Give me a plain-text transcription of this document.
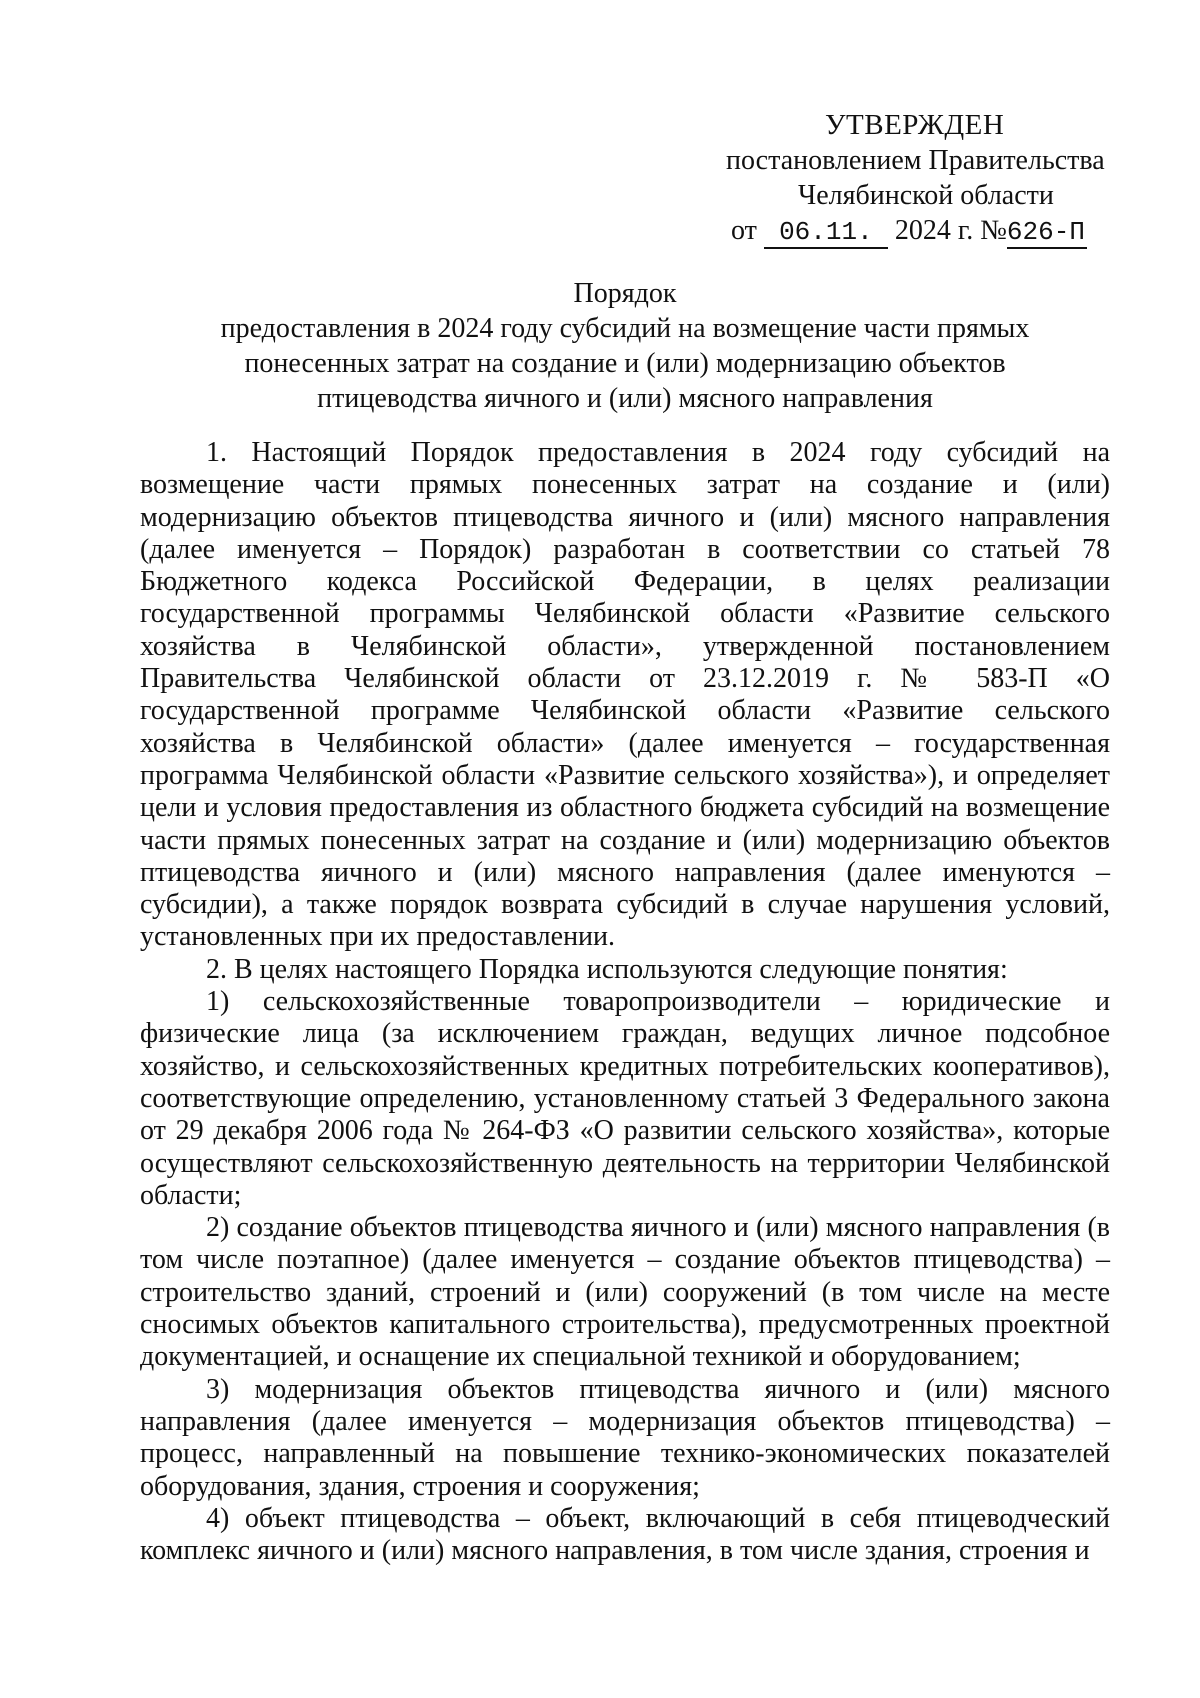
УТВЕРЖДЕН
постановлением Правительства
Челябинской области
от 06.11. 2024 г. №626-П
Порядок
предоставления в 2024 году субсидий на возмещение части прямых
понесенных затрат на создание и (или) модернизацию объектов
птицеводства яичного и (или) мясного направления

1. Настоящий Порядок предоставления в 2024 году субсидий на возмещение части прямых понесенных затрат на создание и (или) модернизацию объектов птицеводства яичного и (или) мясного направления (далее именуется – Порядок) разработан в соответствии со статьей 78 Бюджетного кодекса Российской Федерации, в целях реализации государственной программы Челябинской области «Развитие сельского хозяйства в Челябинской области», утвержденной постановлением Правительства Челябинской области от 23.12.2019 г. № 583-П «О государственной программе Челябинской области «Развитие сельского хозяйства в Челябинской области» (далее именуется – государственная программа Челябинской области «Развитие сельского хозяйства»), и определяет цели и условия предоставления из областного бюджета субсидий на возмещение части прямых понесенных затрат на создание и (или) модернизацию объектов птицеводства яичного и (или) мясного направления (далее именуются – субсидии), а также порядок возврата субсидий в случае нарушения условий, установленных при их предоставлении.

2. В целях настоящего Порядка используются следующие понятия:

1) сельскохозяйственные товаропроизводители – юридические и физические лица (за исключением граждан, ведущих личное подсобное хозяйство, и сельскохозяйственных кредитных потребительских кооперативов), соответствующие определению, установленному статьей 3 Федерального закона от 29 декабря 2006 года № 264-ФЗ «О развитии сельского хозяйства», которые осуществляют сельскохозяйственную деятельность на территории Челябинской области;

2) создание объектов птицеводства яичного и (или) мясного направления (в том числе поэтапное) (далее именуется – создание объектов птицеводства) – строительство зданий, строений и (или) сооружений (в том числе на месте сносимых объектов капитального строительства), предусмотренных проектной документацией, и оснащение их специальной техникой и оборудованием;

3) модернизация объектов птицеводства яичного и (или) мясного направления (далее именуется – модернизация объектов птицеводства) – процесс, направленный на повышение технико-экономических показателей оборудования, здания, строения и сооружения;

4) объект птицеводства – объект, включающий в себя птицеводческий комплекс яичного и (или) мясного направления, в том числе здания, строения и
